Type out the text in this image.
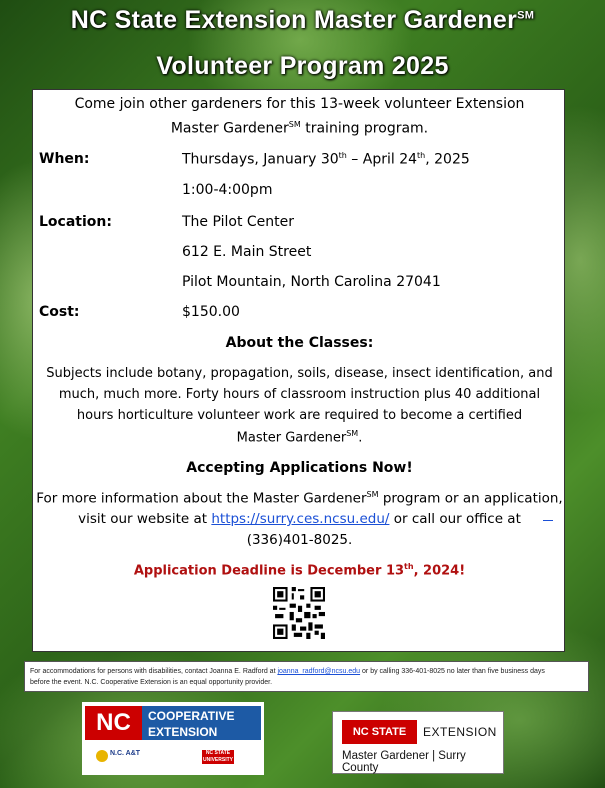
NC State Extension Master Gardener℠
Volunteer Program 2025
Come join other gardeners for this 13-week volunteer Extension
Master Gardener℠ training program.
When:	Thursdays, January 30th – April 24th, 2025
1:00-4:00pm
Location:	The Pilot Center
612 E. Main Street
Pilot Mountain, North Carolina 27041
Cost:	$150.00
About the Classes:
Subjects include botany, propagation, soils, disease, insect identification, and
much, much more. Forty hours of classroom instruction plus 40 additional
hours horticulture volunteer work are required to become a certified
Master Gardener℠.
Accepting Applications Now!
For more information about the Master Gardener℠ program or an application,
visit our website at https://surry.ces.ncsu.edu/ or call our office at
(336)401-8025.
Application Deadline is December 13th, 2024!
For accommodations for persons with disabilities, contact Joanna E. Radford at joanna_radford@ncsu.edu or by calling 336-401-8025 no later than five business days
before the event. N.C. Cooperative Extension is an equal opportunity provider.
NC	COOPERATIVE
EXTENSION
N.C. A&T	NC STATE
UNIVERSITY
NC STATE	EXTENSION
Master Gardener | Surry County
